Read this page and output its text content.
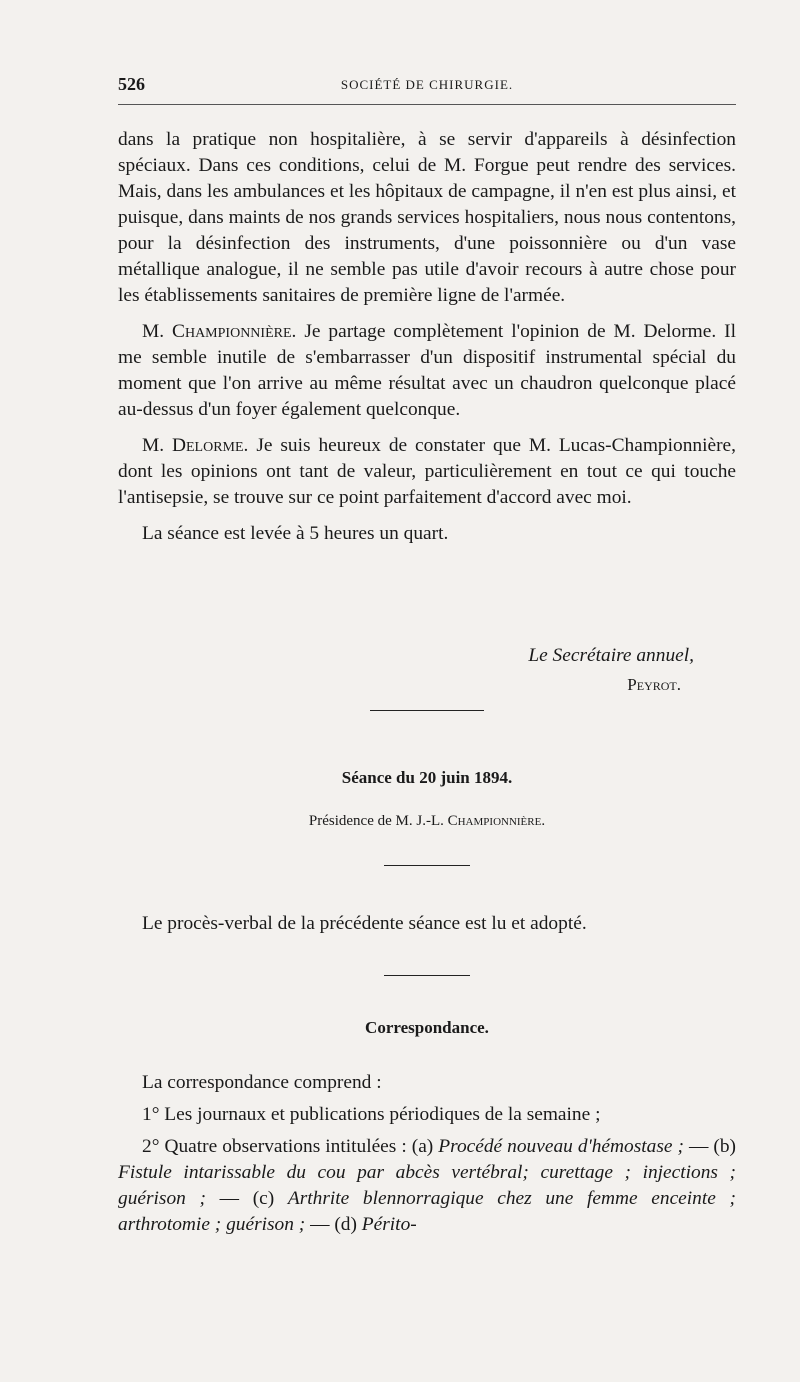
526	SOCIÉTÉ DE CHIRURGIE.

dans la pratique non hospitalière, à se servir d'appareils à désinfection spéciaux. Dans ces conditions, celui de M. Forgue peut rendre des services. Mais, dans les ambulances et les hôpitaux de campagne, il n'en est plus ainsi, et puisque, dans maints de nos grands services hospitaliers, nous nous contentons, pour la désinfection des instruments, d'une poissonnière ou d'un vase métallique analogue, il ne semble pas utile d'avoir recours à autre chose pour les établissements sanitaires de première ligne de l'armée.

M. Championnière. Je partage complètement l'opinion de M. Delorme. Il me semble inutile de s'embarrasser d'un dispositif instrumental spécial du moment que l'on arrive au même résultat avec un chaudron quelconque placé au-dessus d'un foyer également quelconque.

M. Delorme. Je suis heureux de constater que M. Lucas-Championnière, dont les opinions ont tant de valeur, particulièrement en tout ce qui touche l'antisepsie, se trouve sur ce point parfaitement d'accord avec moi.

La séance est levée à 5 heures un quart.

Le Secrétaire annuel,
Peyrot.
Séance du 20 juin 1894.
Présidence de M. J.-L. Championnière.
Le procès-verbal de la précédente séance est lu et adopté.
Correspondance.

La correspondance comprend :

1° Les journaux et publications périodiques de la semaine ;

2° Quatre observations intitulées : (a) Procédé nouveau d'hémostase ; — (b) Fistule intarissable du cou par abcès vertébral; curettage ; injections ; guérison ; — (c) Arthrite blennorragique chez une femme enceinte ; arthrotomie ; guérison ; — (d) Périto-
